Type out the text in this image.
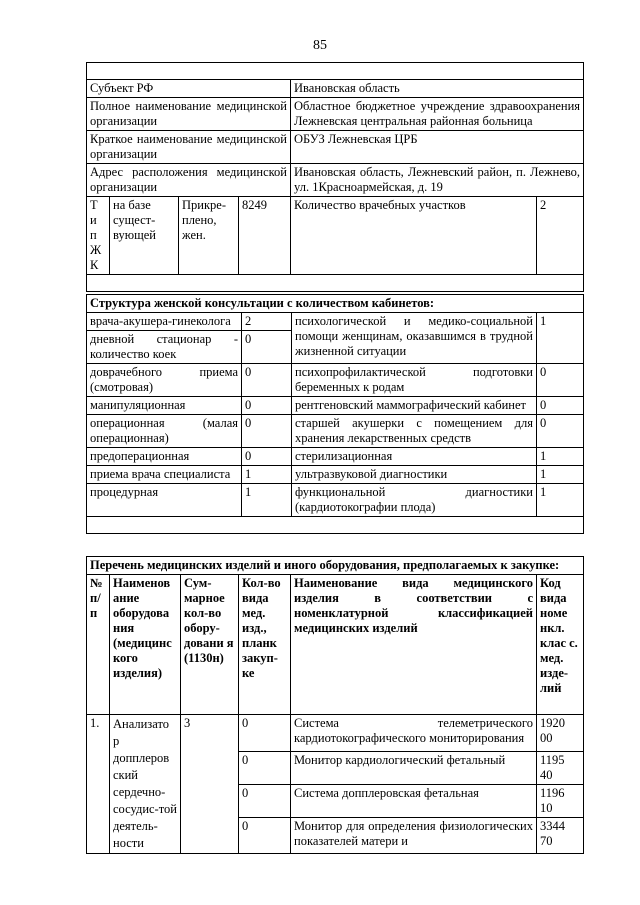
85

Субъект РФ				Ивановская область	
Полное наименование медицинской организации				Областное бюджетное учреждение здравоохранения Лежневская центральная районная больница	
Краткое наименование медицинской организации				ОБУЗ Лежневская ЦРБ	
Адрес расположения медицинской организации				Ивановская область, Лежневский район, п. Лежнево, ул. 1Красноармейская, д. 19	
Т
и
п
Ж
К	на базе сущест-вующей	Прикре-плено, жен.	8249	Количество врачебных участков	2

Структура женской консультации с количеством кабинетов:			
врача-акушера-гинеколога	2	психологической и медико-социальной помощи женщинам, оказавшимся в трудной жизненной ситуации	1
дневной стационар - количество коек	0		
доврачебного приема (смотровая)	0	психопрофилактической подготовки беременных к родам	0
манипуляционная	0	рентгеновский маммографический кабинет	0
операционная (малая операционная)	0	старшей акушерки с помещением для хранения лекарственных средств	0
предоперационная	0	стерилизационная	1
приема врача специалиста	1	ультразвуковой диагностики	1
процедурная	1	функциональной диагностики (кардиотокографии плода)	1

Перечень медицинских изделий и иного оборудования, предполагаемых к закупке:					
№ п/п	Наименов ание оборудова ния (медицинс кого изделия)	Сум-марное кол-во обору-довани я (1130н)	Кол-во вида мед. изд., планк закуп-ке	Наименование вида медицинского изделия в соответствии с номенклатурной классификацией медицинских изделий	Код вида номе нкл. клас с. мед. изде-лий
1.	Анализато р допплеров ский сердечно-сосудис-той деятель-ности	3	0	Система телеметрического кардиотокографического мониторирования	1920 00
			0	Монитор кардиологический фетальный	1195 40
			0	Система допплеровская фетальная	1196 10
			0	Монитор для определения физиологических показателей матери и	3344 70
